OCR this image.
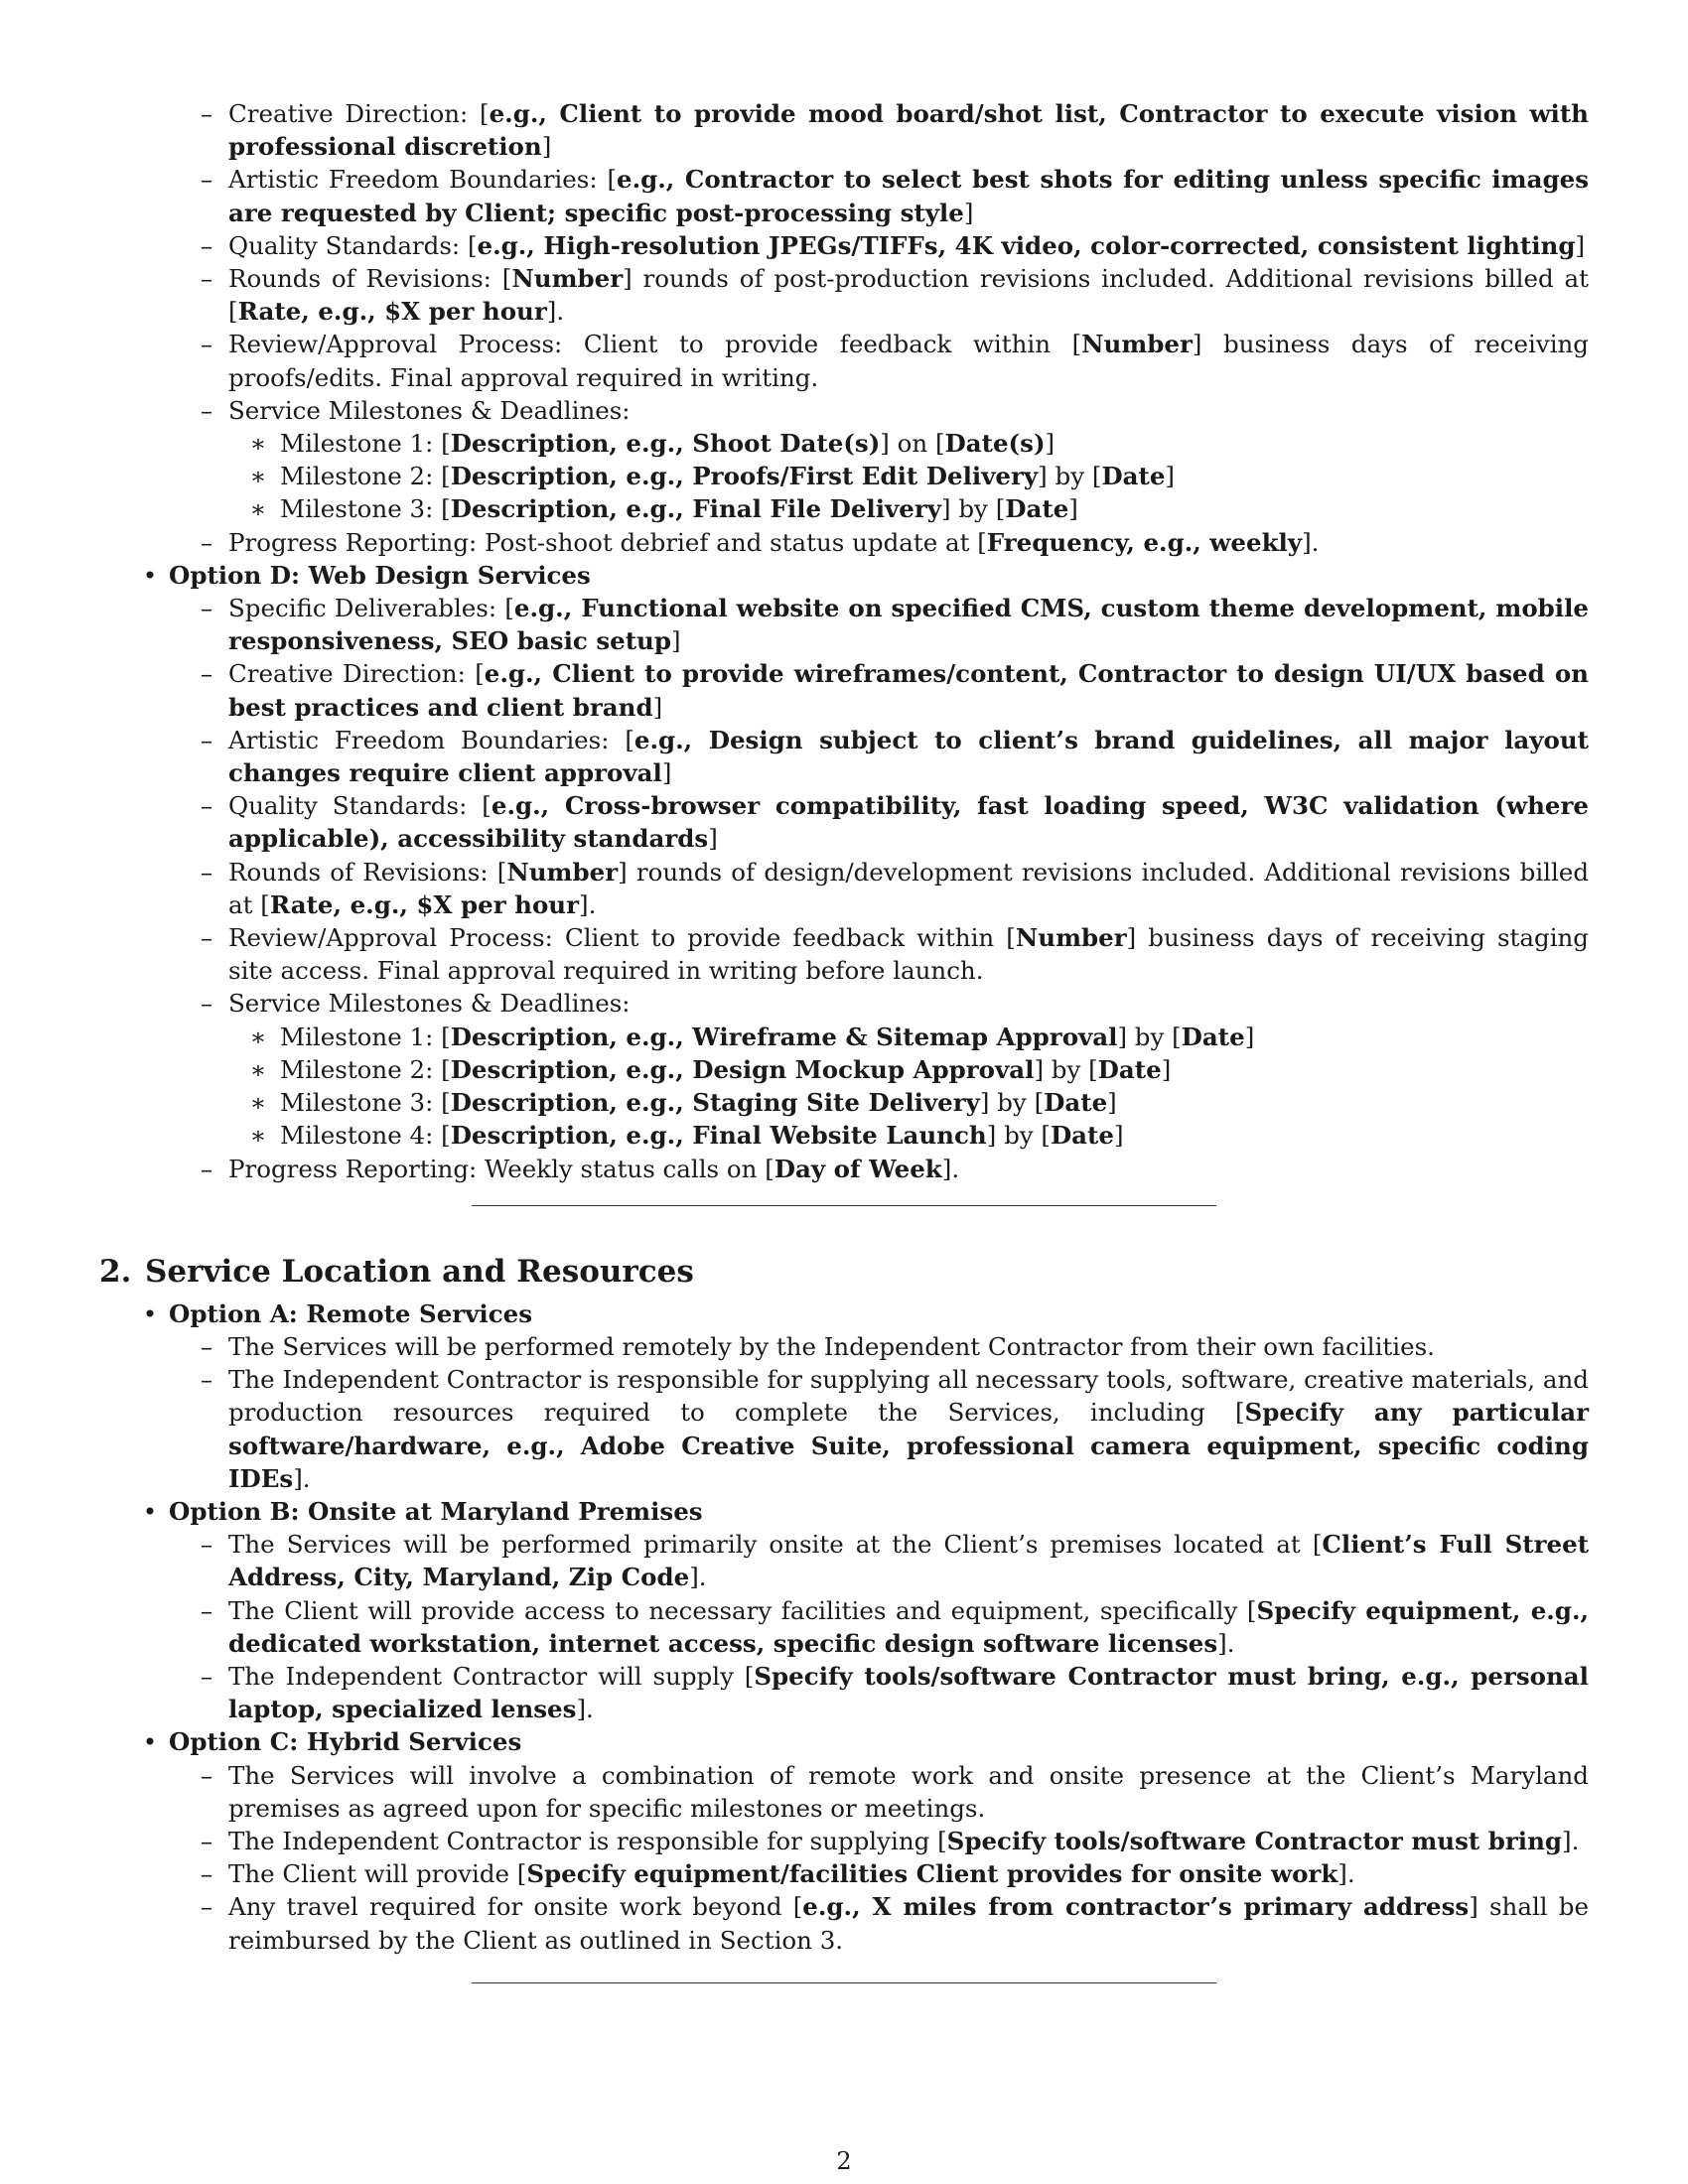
– Creative Direction: [e.g., Client to provide mood board/shot list, Contractor to execute vision with professional discretion]
– Artistic Freedom Boundaries: [e.g., Contractor to select best shots for editing unless specific images are requested by Client; specific post-processing style]
– Quality Standards: [e.g., High-resolution JPEGs/TIFFs, 4K video, color-corrected, consistent lighting]
– Rounds of Revisions: [Number] rounds of post-production revisions included. Additional revisions billed at [Rate, e.g., $X per hour].
– Review/Approval Process: Client to provide feedback within [Number] business days of receiving proofs/edits. Final approval required in writing.
– Service Milestones & Deadlines:
∗ Milestone 1: [Description, e.g., Shoot Date(s)] on [Date(s)]
∗ Milestone 2: [Description, e.g., Proofs/First Edit Delivery] by [Date]
∗ Milestone 3: [Description, e.g., Final File Delivery] by [Date]
– Progress Reporting: Post-shoot debrief and status update at [Frequency, e.g., weekly].
• Option D: Web Design Services
– Specific Deliverables: [e.g., Functional website on specified CMS, custom theme development, mobile responsiveness, SEO basic setup]
– Creative Direction: [e.g., Client to provide wireframes/content, Contractor to design UI/UX based on best practices and client brand]
– Artistic Freedom Boundaries: [e.g., Design subject to client’s brand guidelines, all major layout changes require client approval]
– Quality Standards: [e.g., Cross-browser compatibility, fast loading speed, W3C validation (where applicable), accessibility standards]
– Rounds of Revisions: [Number] rounds of design/development revisions included. Additional revisions billed at [Rate, e.g., $X per hour].
– Review/Approval Process: Client to provide feedback within [Number] business days of receiving staging site access. Final approval required in writing before launch.
– Service Milestones & Deadlines:
∗ Milestone 1: [Description, e.g., Wireframe & Sitemap Approval] by [Date]
∗ Milestone 2: [Description, e.g., Design Mockup Approval] by [Date]
∗ Milestone 3: [Description, e.g., Staging Site Delivery] by [Date]
∗ Milestone 4: [Description, e.g., Final Website Launch] by [Date]
– Progress Reporting: Weekly status calls on [Day of Week].
2. Service Location and Resources
• Option A: Remote Services
– The Services will be performed remotely by the Independent Contractor from their own facilities.
– The Independent Contractor is responsible for supplying all necessary tools, software, creative materials, and production resources required to complete the Services, including [Specify any particular software/hardware, e.g., Adobe Creative Suite, professional camera equipment, specific coding IDEs].
• Option B: Onsite at Maryland Premises
– The Services will be performed primarily onsite at the Client’s premises located at [Client’s Full Street Address, City, Maryland, Zip Code].
– The Client will provide access to necessary facilities and equipment, specifically [Specify equipment, e.g., dedicated workstation, internet access, specific design software licenses].
– The Independent Contractor will supply [Specify tools/software Contractor must bring, e.g., personal laptop, specialized lenses].
• Option C: Hybrid Services
– The Services will involve a combination of remote work and onsite presence at the Client’s Maryland premises as agreed upon for specific milestones or meetings.
– The Independent Contractor is responsible for supplying [Specify tools/software Contractor must bring].
– The Client will provide [Specify equipment/facilities Client provides for onsite work].
– Any travel required for onsite work beyond [e.g., X miles from contractor’s primary address] shall be reimbursed by the Client as outlined in Section 3.
2
